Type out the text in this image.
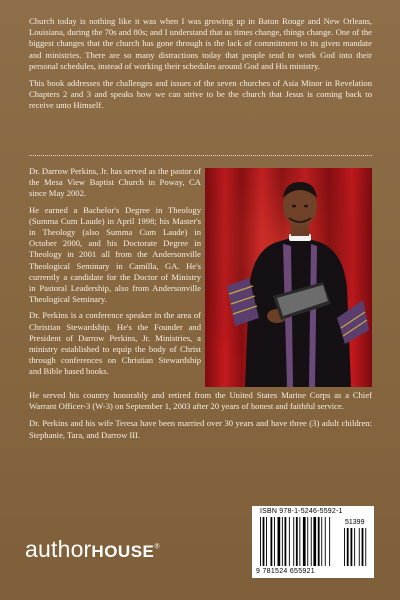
Church today is nothing like it was when I was growing up in Baton Rouge and New Orleans, Louisiana, during the 70s and 80s; and I understand that as times change, things change. One of the biggest changes that the church has gone through is the lack of commitment to its given mandate and ministries. There are so many distractions today that people tend to work God into their personal schedules, instead of working their schedules around God and His ministry.

This book addresses the challenges and issues of the seven churches of Asia Minor in Revelation Chapters 2 and 3 and speaks how we can strive to be the church that Jesus is coming back to receive unto Himself.

Dr. Darrow Perkins, Jr. has served as the pastor of the Mesa View Baptist Church in Poway, CA since May 2002.

He earned a Bachelor's Degree in Theology (Summa Cum Laude) in April 1998; his Master's in Theology (also Summa Cum Laude) in October 2000, and his Doctorate Degree in Theology in 2001 all from the Andersonville Theological Seminary in Camilla, GA. He's currently a candidate for the Doctor of Ministry in Pastoral Leadership, also from Andersonville Theological Seminary.

Dr. Perkins is a conference speaker in the area of Christian Stewardship. He's the Founder and President of Darrow Perkins, Jr. Ministries, a ministry established to equip the body of Christ through conferences on Christian Stewardship and Bible based books.

He served his country honorably and retired from the United States Marine Corps as a Chief Warrant Officer-3 (W-3) on September 1, 2003 after 20 years of honest and faithful service.

Dr. Perkins and his wife Teresa have been married over 30 years and have three (3) adult children: Stephanie, Tara, and Darrow III.

authorHOUSE®
ISBN 978-1-5246-5592-1
51399
9 781524 655921
